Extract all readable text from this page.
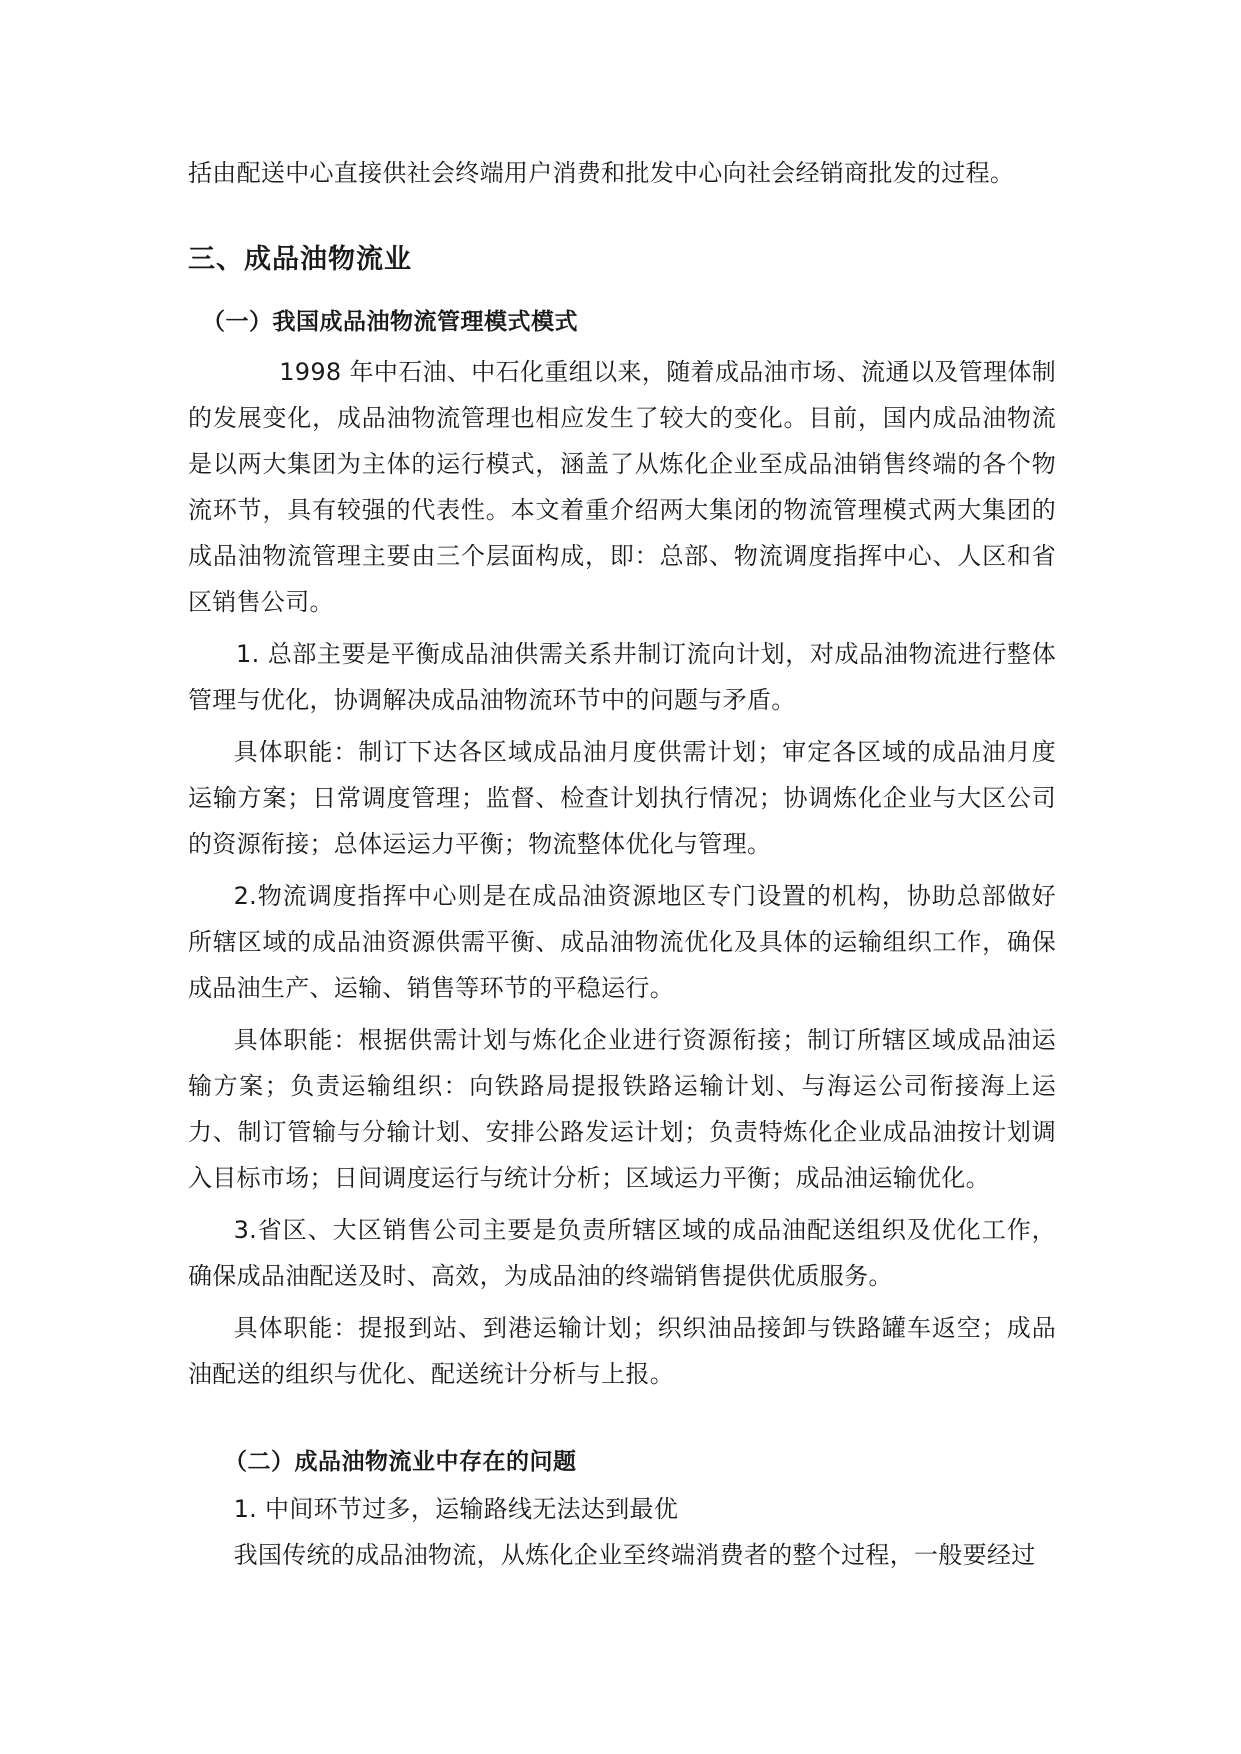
括由配送中心直接供社会终端用户消费和批发中心向社会经销商批发的过程。

三、成品油物流业
（一）我国成品油物流管理模式模式

1998 年中石油、中石化重组以来，随着成品油市场、流通以及管理体制的发展变化，成品油物流管理也相应发生了较大的变化。目前，国内成品油物流是以两大集团为主体的运行模式，涵盖了从炼化企业至成品油销售终端的各个物流环节，具有较强的代表性。本文着重介绍两大集闭的物流管理模式两大集团的成品油物流管理主要由三个层面构成，即：总部、物流调度指挥中心、人区和省区销售公司。

1. 总部主要是平衡成品油供需关系井制订流向计划，对成品油物流进行整体管理与优化，协调解决成品油物流环节中的问题与矛盾。

具体职能：制订下达各区域成品油月度供需计划；审定各区域的成品油月度运输方案；日常调度管理；监督、检查计划执行情况；协调炼化企业与大区公司的资源衔接；总体运运力平衡；物流整体优化与管理。

2.物流调度指挥中心则是在成品油资源地区专门设置的机构，协助总部做好所辖区域的成品油资源供需平衡、成品油物流优化及具体的运输组织工作，确保成品油生产、运输、销售等环节的平稳运行。

具体职能：根据供需计划与炼化企业进行资源衔接；制订所辖区域成品油运输方案；负责运输组织：向铁路局提报铁路运输计划、与海运公司衔接海上运力、制订管输与分输计划、安排公路发运计划；负责特炼化企业成品油按计划调入目标市场；日间调度运行与统计分析；区域运力平衡；成品油运输优化。

3.省区、大区销售公司主要是负责所辖区域的成品油配送组织及优化工作，确保成品油配送及时、高效，为成品油的终端销售提供优质服务。

具体职能：提报到站、到港运输计划；织织油品接卸与铁路罐车返空；成品油配送的组织与优化、配送统计分析与上报。

（二）成品油物流业中存在的问题

1. 中间环节过多，运输路线无法达到最优

我国传统的成品油物流，从炼化企业至终端消费者的整个过程，一般要经过
